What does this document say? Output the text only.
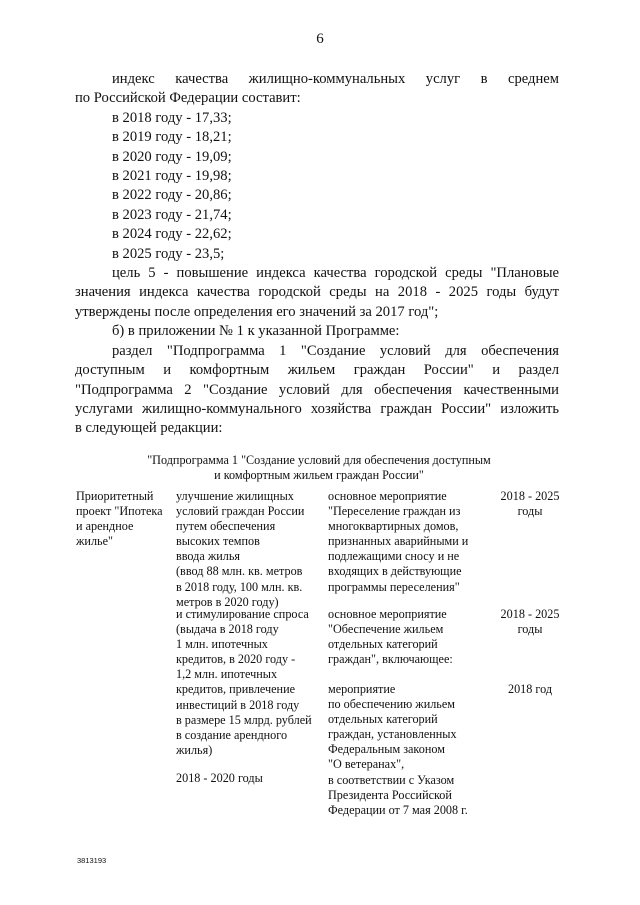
6
индекс качества жилищно-коммунальных услуг в среднем
по Российской Федерации составит:
в 2018 году - 17,33;
в 2019 году - 18,21;
в 2020 году - 19,09;
в 2021 году - 19,98;
в 2022 году - 20,86;
в 2023 году - 21,74;
в 2024 году - 22,62;
в 2025 году - 23,5;
цель 5 - повышение индекса качества городской среды "Плановые
значения индекса качества городской среды на 2018 - 2025 годы будут
утверждены после определения его значений за 2017 год";
б) в приложении № 1 к указанной Программе:
раздел "Подпрограмма 1 "Создание условий для обеспечения
доступным и комфортным жильем граждан России" и раздел
"Подпрограмма 2 "Создание условий для обеспечения качественными
услугами жилищно-коммунального хозяйства граждан России" изложить
в следующей редакции:
"Подпрограмма 1 "Создание условий для обеспечения доступным
и комфортным жильем граждан России"
Приоритетный
проект "Ипотека
и арендное
жилье"
улучшение жилищных
условий граждан России
путем обеспечения
высоких темпов
ввода жилья
(ввод 88 млн. кв. метров
в 2018 году, 100 млн. кв.
метров в 2020 году)
и стимулирование спроса
(выдача в 2018 году
1 млн. ипотечных
кредитов, в 2020 году -
1,2 млн. ипотечных
кредитов, привлечение
инвестиций в 2018 году
в размере 15 млрд. рублей
в создание арендного
жилья)
2018 - 2020 годы
основное мероприятие
"Переселение граждан из
многоквартирных домов,
признанных аварийными и
подлежащими сносу и не
входящих в действующие
программы переселения"
основное мероприятие
"Обеспечение жильем
отдельных категорий
граждан", включающее:
мероприятие
по обеспечению жильем
отдельных категорий
граждан, установленных
Федеральным законом
"О ветеранах",
в соответствии с Указом
Президента Российской
Федерации от 7 мая 2008 г.
2018 - 2025
годы
2018 - 2025
годы
2018 год
3813193
